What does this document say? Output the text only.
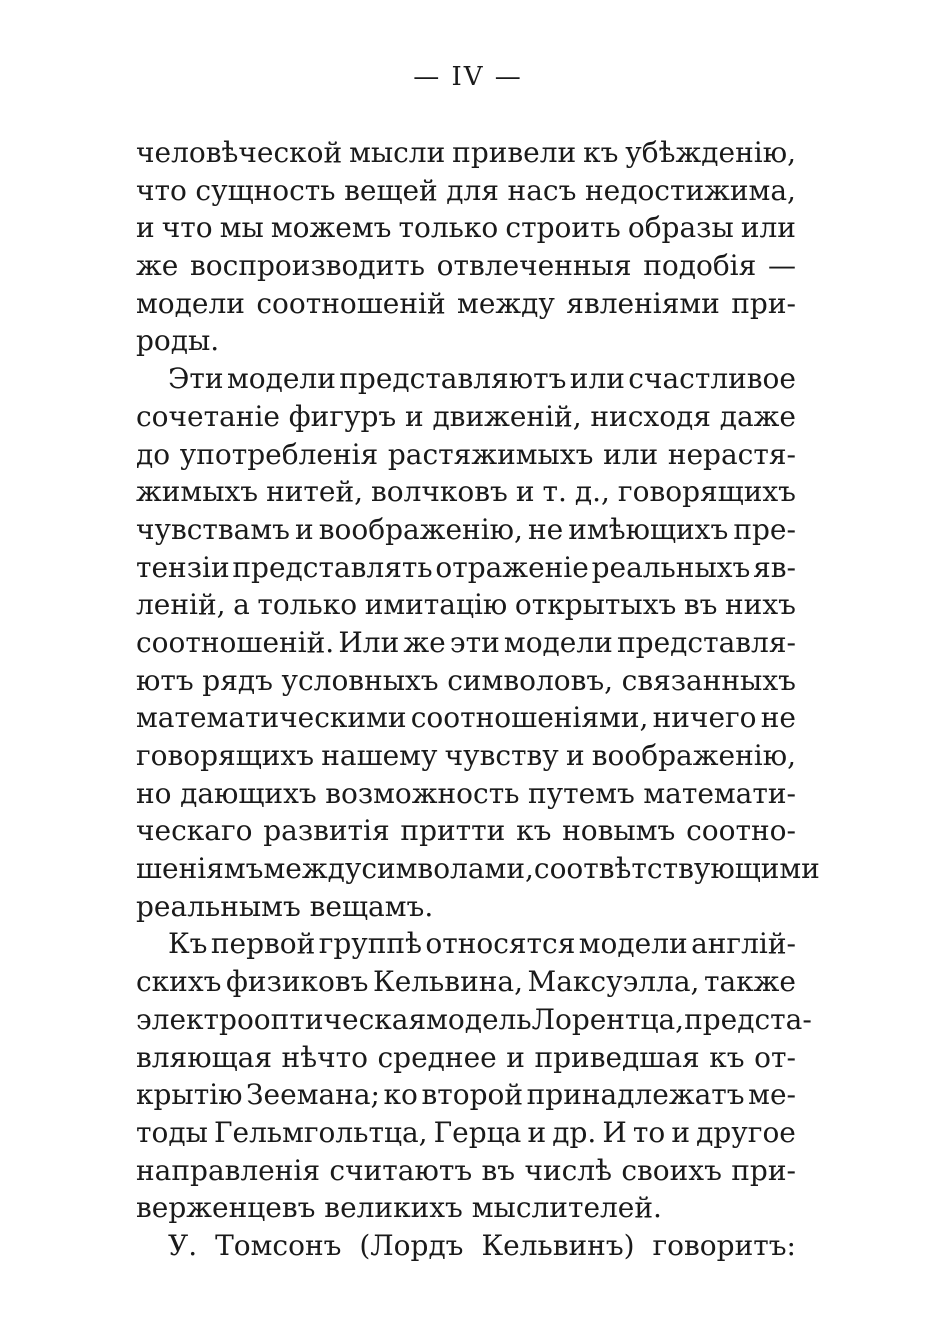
— IV —
человѣческой мысли привели къ убѣжденію,
что сущность вещей для насъ недостижима,
и что мы можемъ только строить образы или
же воспроизводить отвлеченныя подобія —
модели соотношеній между явленіями при-
роды.
Эти модели представляютъ или счастливое
сочетаніе фигуръ и движеній, нисходя даже
до употребленія растяжимыхъ или нерастя-
жимыхъ нитей, волчковъ и т. д., говорящихъ
чувствамъ и воображенію, не имѣющихъ пре-
тензіи представлять отраженіе реальныхъ яв-
леній, а только имитацію открытыхъ въ нихъ
соотношеній. Или же эти модели представля-
ютъ рядъ условныхъ символовъ, связанныхъ
математическими соотношеніями, ничего не
говорящихъ нашему чувству и воображенію,
но дающихъ возможность путемъ математи-
ческаго развитія притти къ новымъ соотно-
шеніямъ между символами, соотвѣтствующими
реальнымъ вещамъ.
Къ первой группѣ относятся модели англій-
скихъ физиковъ Кельвина, Максуэлла, также
электрооптическая модель Лорентца, предста-
вляющая нѣчто среднее и приведшая къ от-
крытію Зеемана; ко второй принадлежатъ ме-
тоды Гельмгольтца, Герца и др. И то и другое
направленія считаютъ въ числѣ своихъ при-
верженцевъ великихъ мыслителей.
У. Томсонъ (Лордъ Кельвинъ) говоритъ:
